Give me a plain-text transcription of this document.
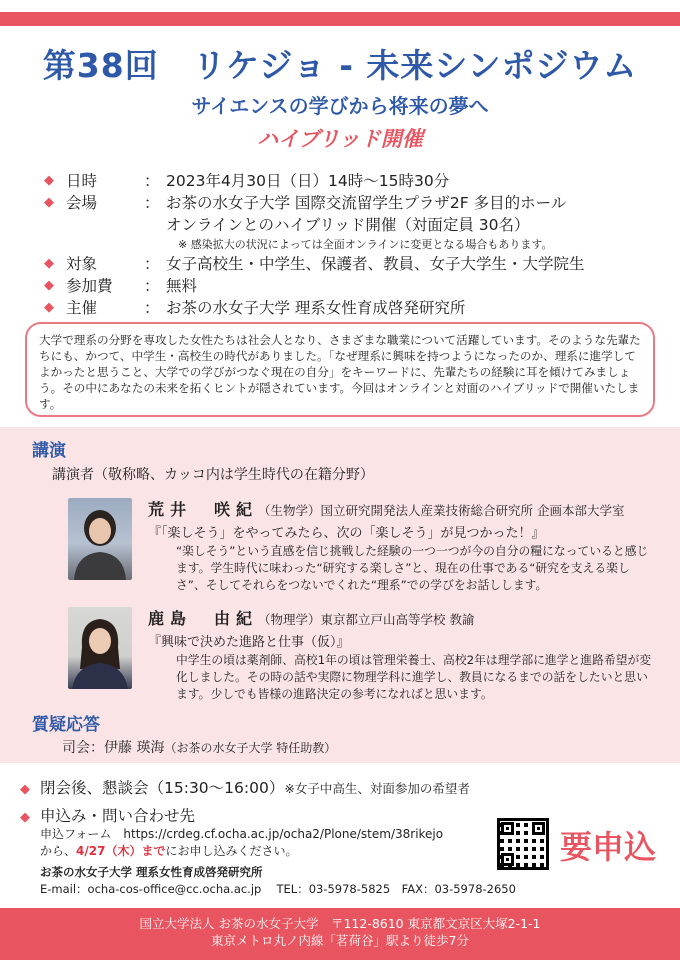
第38回　リケジョ - 未来シンポジウム
サイエンスの学びから将来の夢へ
ハイブリッド開催
◆ 日時	： 2023年4月30日（日）14時～15時30分
◆ 会場	： お茶の水女子大学 国際交流留学生プラザ2F 多目的ホール
オンラインとのハイブリッド開催（対面定員 30名）
※ 感染拡大の状況によっては全面オンラインに変更となる場合もあります。
◆ 対象	： 女子高校生・中学生、保護者、教員、女子大学生・大学院生
◆ 参加費	： 無料
◆ 主催	： お茶の水女子大学 理系女性育成啓発研究所
大学で理系の分野を専攻した女性たちは社会人となり、さまざまな職業について活躍しています。そのような先輩たちにも、かつて、中学生・高校生の時代がありました。「なぜ理系に興味を持つようになったのか、理系に進学してよかったと思うこと、大学での学びがつなぐ現在の自分」をキーワードに、先輩たちの経験に耳を傾けてみましょう。その中にあなたの未来を拓くヒントが隠されています。今回はオンラインと対面のハイブリッドで開催いたします。
講演
講演者（敬称略、カッコ内は学生時代の在籍分野）
荒井　咲紀（生物学）国立研究開発法人産業技術総合研究所 企画本部大学室
『「楽しそう」をやってみたら、次の「楽しそう」が見つかった！』
“楽しそう”という直感を信じ挑戦した経験の一つ一つが今の自分の糧になっていると感じます。学生時代に味わった“研究する楽しさ”と、現在の仕事である“研究を支える楽しさ”、そしてそれらをつないでくれた“理系”での学びをお話しします。
鹿島　由紀（物理学）東京都立戸山高等学校 教諭
『興味で決めた進路と仕事（仮）』
中学生の頃は薬剤師、高校1年の頃は管理栄養士、高校2年は理学部に進学と進路希望が変化しました。その時の話や実際に物理学科に進学し、教員になるまでの話をしたいと思います。少しでも皆様の進路決定の参考になればと思います。
質疑応答
司会：伊藤 瑛海（お茶の水女子大学 特任助教）
◆ 閉会後、懇談会（15:30～16:00）※女子中高生、対面参加の希望者
◆ 申込み・問い合わせ先
申込フォーム　https://crdeg.cf.ocha.ac.jp/ocha2/Plone/stem/38rikejo
から、4/27（木）までにお申し込みください。
お茶の水女子大学 理系女性育成啓発研究所
E-mail：ocha-cos-office@cc.ocha.ac.jp　 TEL：03-5978-5825　FAX：03-5978-2650
要申込
国立大学法人 お茶の水女子大学　〒112-8610 東京都文京区大塚2-1-1
東京メトロ丸ノ内線「茗荷谷」駅より徒歩7分
